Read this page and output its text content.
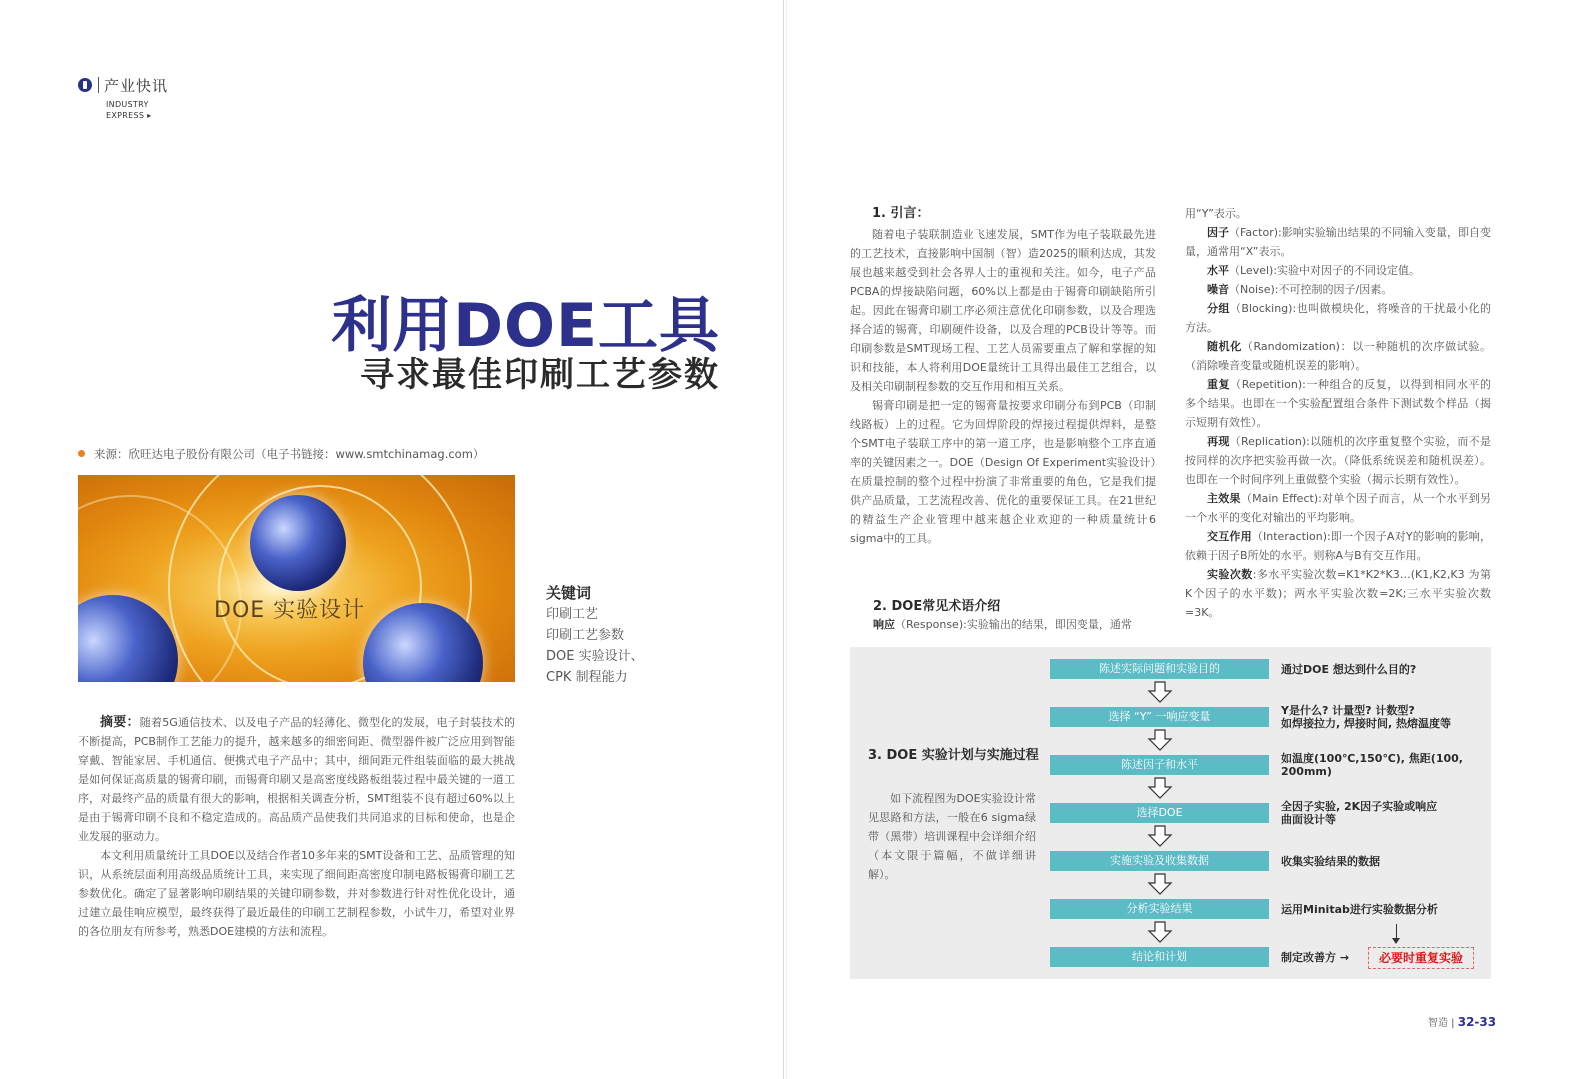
产业快讯
INDUSTRY
EXPRESS ▸
利用DOE工具
寻求最佳印刷工艺参数
来源：欣旺达电子股份有限公司（电子书链接：www.smtchinamag.com）
DOE 实验设计
关键词
印刷工艺
印刷工艺参数
DOE 实验设计、
CPK 制程能力

摘要：随着5G通信技术、以及电子产品的轻薄化、微型化的发展，电子封装技术的不断提高，PCB制作工艺能力的提升，越来越多的细密间距、微型器件被广泛应用到智能穿戴、智能家居、手机通信、便携式电子产品中；其中，细间距元件组装面临的最大挑战是如何保证高质量的锡膏印刷，而锡膏印刷又是高密度线路板组装过程中最关键的一道工序，对最终产品的质量有很大的影响，根据相关调查分析，SMT组装不良有超过60%以上是由于锡膏印刷不良和不稳定造成的。高品质产品使我们共同追求的目标和使命，也是企业发展的驱动力。

本文利用质量统计工具DOE以及结合作者10多年来的SMT设备和工艺、品质管理的知识，从系统层面利用高级品质统计工具，来实现了细间距高密度印制电路板锡膏印刷工艺参数优化。确定了显著影响印刷结果的关键印刷参数，并对参数进行针对性优化设计，通过建立最佳响应模型，最终获得了最近最佳的印刷工艺制程参数，小试牛刀，希望对业界的各位朋友有所参考，熟悉DOE建模的方法和流程。

1. 引言：

随着电子装联制造业飞速发展，SMT作为电子装联最先进的工艺技术，直接影响中国制（智）造2025的顺利达成，其发展也越来越受到社会各界人士的重视和关注。如今，电子产品PCBA的焊接缺陷问题，60%以上都是由于锡膏印刷缺陷所引起。因此在锡膏印刷工序必须注意优化印刷参数，以及合理选择合适的锡膏，印刷硬件设备，以及合理的PCB设计等等。而印刷参数是SMT现场工程、工艺人员需要重点了解和掌握的知识和技能，本人将利用DOE量统计工具得出最佳工艺组合，以及相关印刷制程参数的交互作用和相互关系。

锡膏印刷是把一定的锡膏量按要求印刷分布到PCB（印制线路板）上的过程。它为回焊阶段的焊接过程提供焊料，是整个SMT电子装联工序中的第一道工序，也是影响整个工序直通率的关键因素之一。DOE（Design Of Experiment实验设计）在质量控制的整个过程中扮演了非常重要的角色，它是我们提供产品质量，工艺流程改善、优化的重要保证工具。在21世纪的精益生产企业管理中越来越企业欢迎的一种质量统计6 sigma中的工具。

2. DOE常见术语介绍
响应（Response):实验输出的结果，即因变量，通常
用“Y”表示。

因子（Factor):影响实验输出结果的不同输入变量，即自变量，通常用“X”表示。

水平（Level):实验中对因子的不同设定值。

噪音（Noise):不可控制的因子/因素。

分组（Blocking):也叫做模块化，将噪音的干扰最小化的方法。

随机化（Randomization)：以一种随机的次序做试验。（消除噪音变量或随机误差的影响）。

重复（Repetition):一种组合的反复，以得到相同水平的多个结果。也即在一个实验配置组合条件下测试数个样品（揭示短期有效性）。

再现（Replication):以随机的次序重复整个实验，而不是按同样的次序把实验再做一次。（降低系统误差和随机误差）。也即在一个时间序列上重做整个实验（揭示长期有效性）。

主效果（Main Effect):对单个因子而言，从一个水平到另一个水平的变化对输出的平均影响。

交互作用（Interaction):即一个因子A对Y的影响的影响，依赖于因子B所处的水平。则称A与B有交互作用。

实验次数:多水平实验次数=K1*K2*K3…(K1,K2,K3 为第K个因子的水平数)；两水平实验次数=2K;三水平实验次数=3K。

3. DOE 实验计划与实施过程

如下流程图为DOE实验设计常见思路和方法，一般在6 sigma绿带（黑带）培训课程中会详细介绍（本文限于篇幅，不做详细讲解）。

陈述实际问题和实验目的	通过DOE 想达到什么目的?
选择 “Y” 一响应变量	Y是什么? 计量型? 计数型?
如焊接拉力, 焊接时间, 热熔温度等
陈述因子和水平	如温度(100℃,150℃), 焦距(100,
200mm)
选择DOE	全因子实验, 2K因子实验或响应
曲面设计等
实施实验及收集数据	收集实验结果的数据
分析实验结果	运用Minitab进行实验数据分析
结论和计划	制定改善方 →	必要时重复实验
智造 | 32-33
